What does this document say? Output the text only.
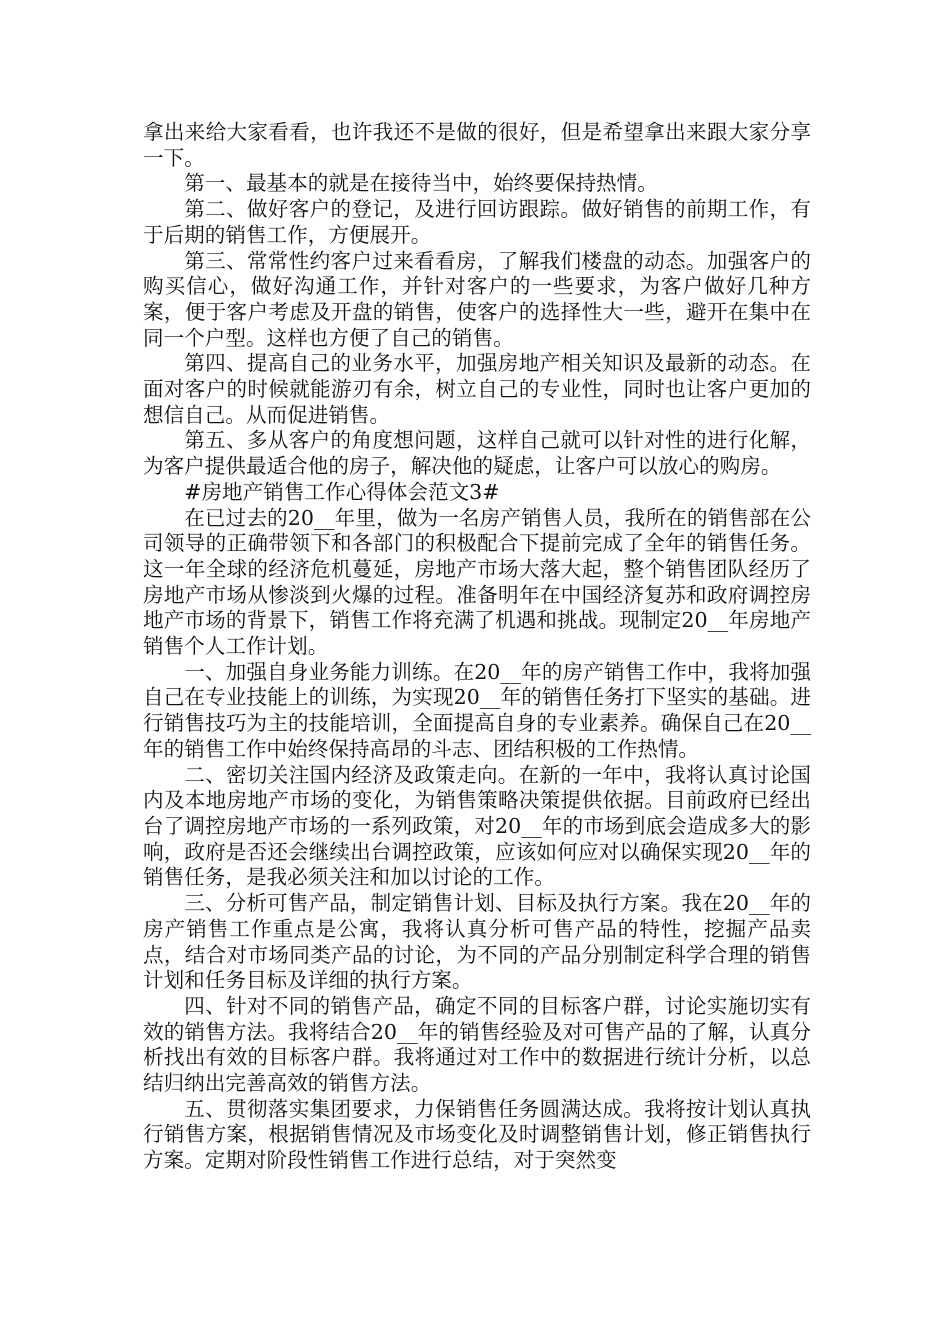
拿出来给大家看看，也许我还不是做的很好，但是希望拿出来跟大家分享一下。

第一、最基本的就是在接待当中，始终要保持热情。

第二、做好客户的登记，及进行回访跟踪。做好销售的前期工作，有于后期的销售工作，方便展开。

第三、常常性约客户过来看看房，了解我们楼盘的动态。加强客户的购买信心，做好沟通工作，并针对客户的一些要求，为客户做好几种方案，便于客户考虑及开盘的销售，使客户的选择性大一些，避开在集中在同一个户型。这样也方便了自己的销售。

第四、提高自己的业务水平，加强房地产相关知识及最新的动态。在面对客户的时候就能游刃有余，树立自己的专业性，同时也让客户更加的想信自己。从而促进销售。

第五、多从客户的角度想问题，这样自己就可以针对性的进行化解，为客户提供最适合他的房子，解决他的疑虑，让客户可以放心的购房。

#房地产销售工作心得体会范文3#

在已过去的20__年里，做为一名房产销售人员，我所在的销售部在公司领导的正确带领下和各部门的积极配合下提前完成了全年的销售任务。这一年全球的经济危机蔓延，房地产市场大落大起，整个销售团队经历了房地产市场从惨淡到火爆的过程。准备明年在中国经济复苏和政府调控房地产市场的背景下，销售工作将充满了机遇和挑战。现制定20__年房地产销售个人工作计划。

一、加强自身业务能力训练。在20__年的房产销售工作中，我将加强自己在专业技能上的训练，为实现20__年的销售任务打下坚实的基础。进行销售技巧为主的技能培训，全面提高自身的专业素养。确保自己在20__年的销售工作中始终保持高昂的斗志、团结积极的工作热情。

二、密切关注国内经济及政策走向。在新的一年中，我将认真讨论国内及本地房地产市场的变化，为销售策略决策提供依据。目前政府已经出台了调控房地产市场的一系列政策，对20__年的市场到底会造成多大的影响，政府是否还会继续出台调控政策，应该如何应对以确保实现20__年的销售任务，是我必须关注和加以讨论的工作。

三、分析可售产品，制定销售计划、目标及执行方案。我在20__年的房产销售工作重点是公寓，我将认真分析可售产品的特性，挖掘产品卖点，结合对市场同类产品的讨论，为不同的产品分别制定科学合理的销售计划和任务目标及详细的执行方案。

四、针对不同的销售产品，确定不同的目标客户群，讨论实施切实有效的销售方法。我将结合20__年的销售经验及对可售产品的了解，认真分析找出有效的目标客户群。我将通过对工作中的数据进行统计分析，以总结归纳出完善高效的销售方法。

五、贯彻落实集团要求，力保销售任务圆满达成。我将按计划认真执行销售方案，根据销售情况及市场变化及时调整销售计划，修正销售执行方案。定期对阶段性销售工作进行总结，对于突然变
